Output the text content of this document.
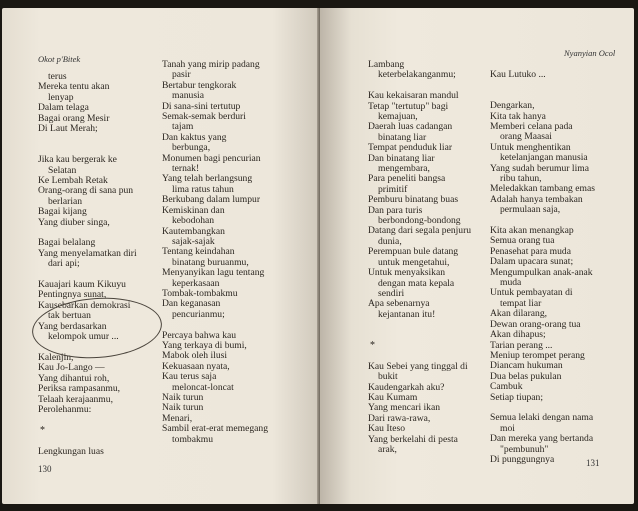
Okot p'Bitek
terus
Mereka tentu akan
lenyap
Dalam telaga
Bagai orang Mesir
Di Laut Merah;
Jika kau bergerak ke
Selatan
Ke Lembah Retak
Orang-orang di sana pun
berlarian
Bagai kijang
Yang diuber singa,
Bagai belalang
Yang menyelamatkan diri
dari api;
Kauajari kaum Kikuyu
Pentingnya sunat,
Kausebarkan demokrasi
tak bertuan
Yang berdasarkan
kelompok umur ...
Kalenjin,
Kau Jo-Lango —
Yang dihantui roh,
Periksa rampasanmu,
Telaah kerajaanmu,
Perolehanmu:
*
Lengkungan luas
Tanah yang mirip padang
pasir
Bertabur tengkorak
manusia
Di sana-sini tertutup
Semak-semak berduri
tajam
Dan kaktus yang
berbunga,
Monumen bagi pencurian
ternak!
Yang telah berlangsung
lima ratus tahun
Berkubang dalam lumpur
Kemiskinan dan
kebodohan
Kautembangkan
sajak-sajak
Tentang keindahan
binatang buruanmu,
Menyanyikan lagu tentang
keperkasaan
Tombak-tombakmu
Dan keganasan
pencurianmu;
Percaya bahwa kau
Yang terkaya di bumi,
Mabok oleh ilusi
Kekuasaan nyata,
Kau terus saja
meloncat-loncat
Naik turun
Naik turun
Menari,
Sambil erat-erat memegang
tombakmu
130
Nyanyian Ocol
Lambang
keterbelakanganmu;
Kau kekaisaran mandul
Tetap "tertutup" bagi
kemajuan,
Daerah luas cadangan
binatang liar
Tempat penduduk liar
Dan binatang liar
mengembara,
Para peneliti bangsa
primitif
Pemburu binatang buas
Dan para turis
berbondong-bondong
Datang dari segala penjuru
dunia,
Perempuan bule datang
untuk mengetahui,
Untuk menyaksikan
dengan mata kepala
sendiri
Apa sebenarnya
kejantanan itu!
*
Kau Sebei yang tinggal di
bukit
Kaudengarkah aku?
Kau Kumam
Yang mencari ikan
Dari rawa-rawa,
Kau Iteso
Yang berkelahi di pesta
arak,
Kau Lutuko ...
Dengarkan,
Kita tak hanya
Memberi celana pada
orang Maasai
Untuk menghentikan
ketelanjangan manusia
Yang sudah berumur lima
ribu tahun,
Meledakkan tambang emas
Adalah hanya tembakan
permulaan saja,
Kita akan menangkap
Semua orang tua
Penasehat para muda
Dalam upacara sunat;
Mengumpulkan anak-anak
muda
Untuk pembayatan di
tempat liar
Akan dilarang,
Dewan orang-orang tua
Akan dihapus;
Tarian perang ...
Meniup terompet perang
Diancam hukuman
Dua belas pukulan
Cambuk
Setiap tiupan;
Semua lelaki dengan nama
moi
Dan mereka yang bertanda
"pembunuh"
Di punggungnya	131
